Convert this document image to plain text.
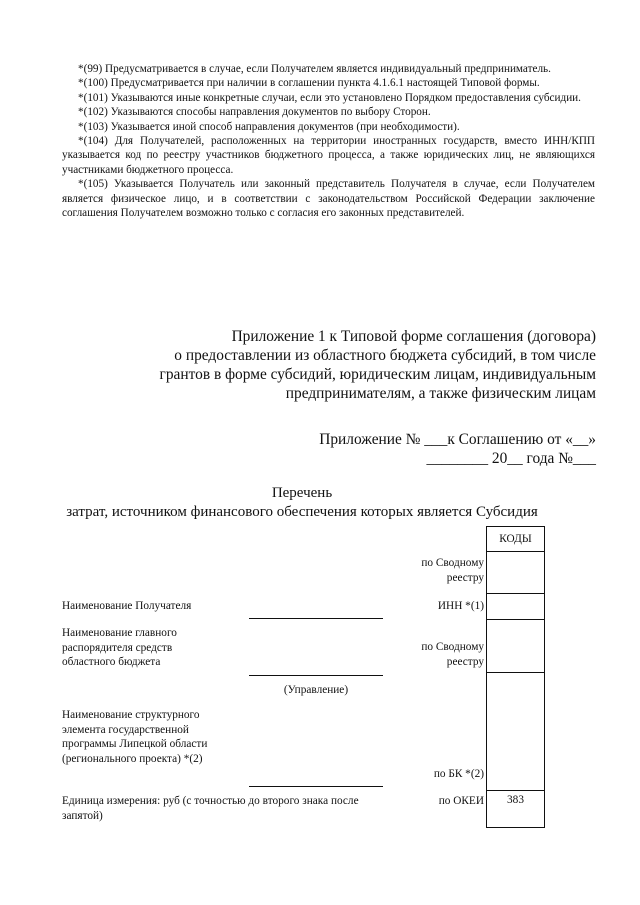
*(99) Предусматривается в случае, если Получателем является индивидуальный предприниматель.

*(100) Предусматривается при наличии в соглашении пункта 4.1.6.1 настоящей Типовой формы.

*(101) Указываются иные конкретные случаи, если это установлено Порядком предоставления субсидии.

*(102) Указываются способы направления документов по выбору Сторон.

*(103) Указывается иной способ направления документов (при необходимости).

*(104) Для Получателей, расположенных на территории иностранных государств, вместо ИНН/КПП указывается код по реестру участников бюджетного процесса, а также юридических лиц, не являющихся участниками бюджетного процесса.

*(105) Указывается Получатель или законный представитель Получателя в случае, если Получателем является физическое лицо, и в соответствии с законодательством Российской Федерации заключение соглашения Получателем возможно только с согласия его законных представителей.

Приложение 1 к Типовой форме соглашения (договора)
о предоставлении из областного бюджета субсидий, в том числе
грантов в форме субсидий, юридическим лицам, индивидуальным
предпринимателям, а также физическим лицам
Приложение № ___к Соглашению от «__»
________ 20__ года №___
Перечень
затрат, источником финансового обеспечения которых является Субсидия
КОДЫ
383
по Сводному реестру
ИНН *(1)
по Сводному реестру
по БК *(2)
по ОКЕИ
Наименование Получателя
Наименование главного распорядителя средств областного бюджета
(Управление)
Наименование структурного элемента государственной программы Липецкой области (регионального проекта) *(2)
Единица измерения: руб (с точностью до второго знака после запятой)
